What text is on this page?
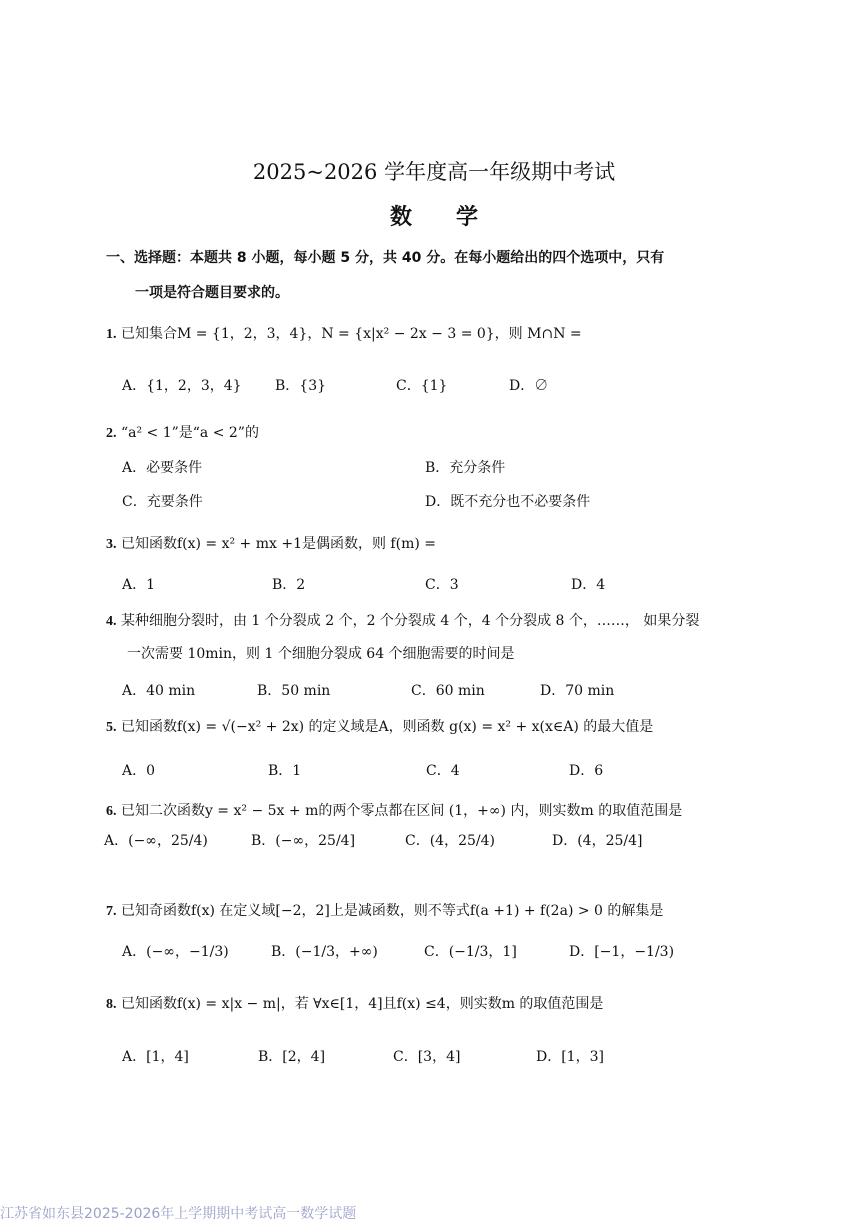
2025~2026 学年度高一年级期中考试
数 学
一、选择题：本题共 8 小题，每小题 5 分，共 40 分。在每小题给出的四个选项中，只有
一项是符合题目要求的。
1. 已知集合M = {1，2，3，4}，N = {x|x² − 2x − 3 = 0}，则 M∩N =
A．{1，2，3，4} B．{3}	C．{1}	D．∅
2. “a² < 1”是“a < 2”的
A．必要条件	B．充分条件
C．充要条件	D．既不充分也不必要条件
3. 已知函数f(x) = x² + mx +1是偶函数，则 f(m) =
A．1	B．2	C．3	D．4
4. 某种细胞分裂时，由 1 个分裂成 2 个，2 个分裂成 4 个，4 个分裂成 8 个，……， 如果分裂
一次需要 10min，则 1 个细胞分裂成 64 个细胞需要的时间是
A．40 min	B．50 min	C．60 min	D．70 min
5. 已知函数f(x) = √(−x² + 2x) 的定义域是A，则函数 g(x) = x² + x(x∈A) 的最大值是
A．0	B．1	C．4	D．6
6. 已知二次函数y = x² − 5x + m的两个零点都在区间 (1，+∞) 内，则实数m 的取值范围是
A．(−∞，25/4)	B．(−∞，25/4]	C．(4，25/4)	D．(4，25/4]
7. 已知奇函数f(x) 在定义域[−2，2]上是减函数，则不等式f(a +1) + f(2a) > 0 的解集是
A．(−∞，−1/3)	B．(−1/3，+∞)	C．(−1/3，1]	D．[−1，−1/3)
8. 已知函数f(x) = x|x − m|，若 ∀x∈[1，4]且f(x) ≤4，则实数m 的取值范围是
A．[1，4]	B．[2，4]	C．[3，4]	D．[1，3]
江苏省如东县2025-2026年上学期期中考试高一数学试题
